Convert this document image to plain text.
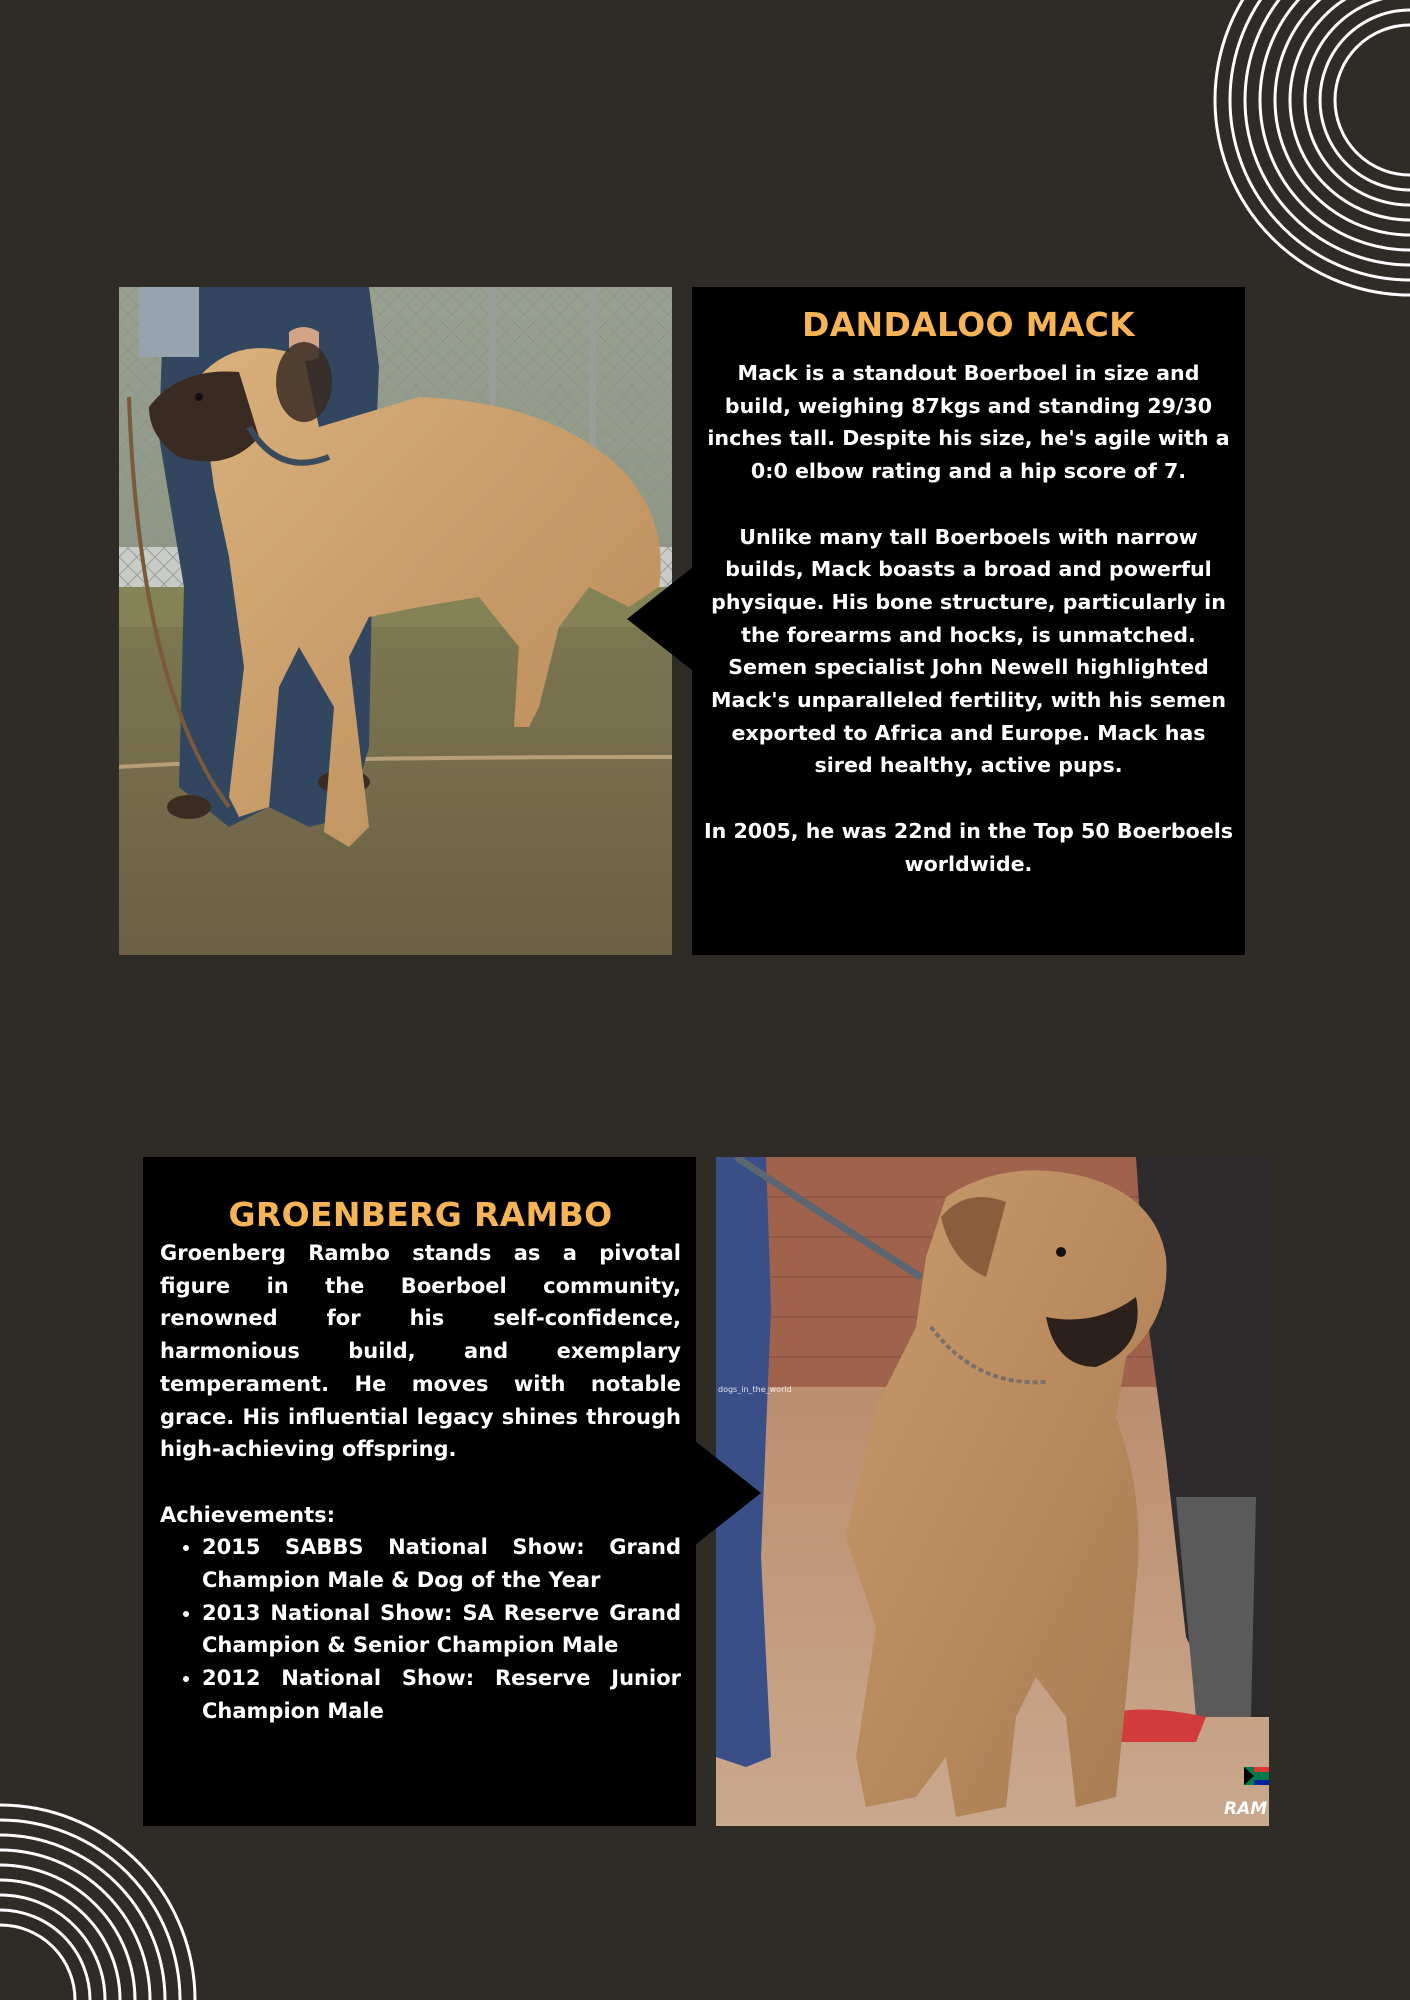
DANDALOO MACK

Mack is a standout Boerboel in size and build, weighing 87kgs and standing 29/30 inches tall. Despite his size, he's agile with a 0:0 elbow rating and a hip score of 7.

Unlike many tall Boerboels with narrow builds, Mack boasts a broad and powerful physique. His bone structure, particularly in the forearms and hocks, is unmatched. Semen specialist John Newell highlighted Mack's unparalleled fertility, with his semen exported to Africa and Europe. Mack has sired healthy, active pups.

In 2005, he was 22nd in the Top 50 Boerboels worldwide.

GROENBERG RAMBO

Groenberg Rambo stands as a pivotal figure in the Boerboel community, renowned for his self-confidence, harmonious build, and exemplary temperament. He moves with notable grace. His influential legacy shines through high-achieving offspring.

Achievements:

• 2015 SABBS National Show: Grand Champion Male & Dog of the Year
• 2013 National Show: SA Reserve Grand Champion & Senior Champion Male
• 2012 National Show: Reserve Junior Champion Male
dogs_in_the_world
RAM
